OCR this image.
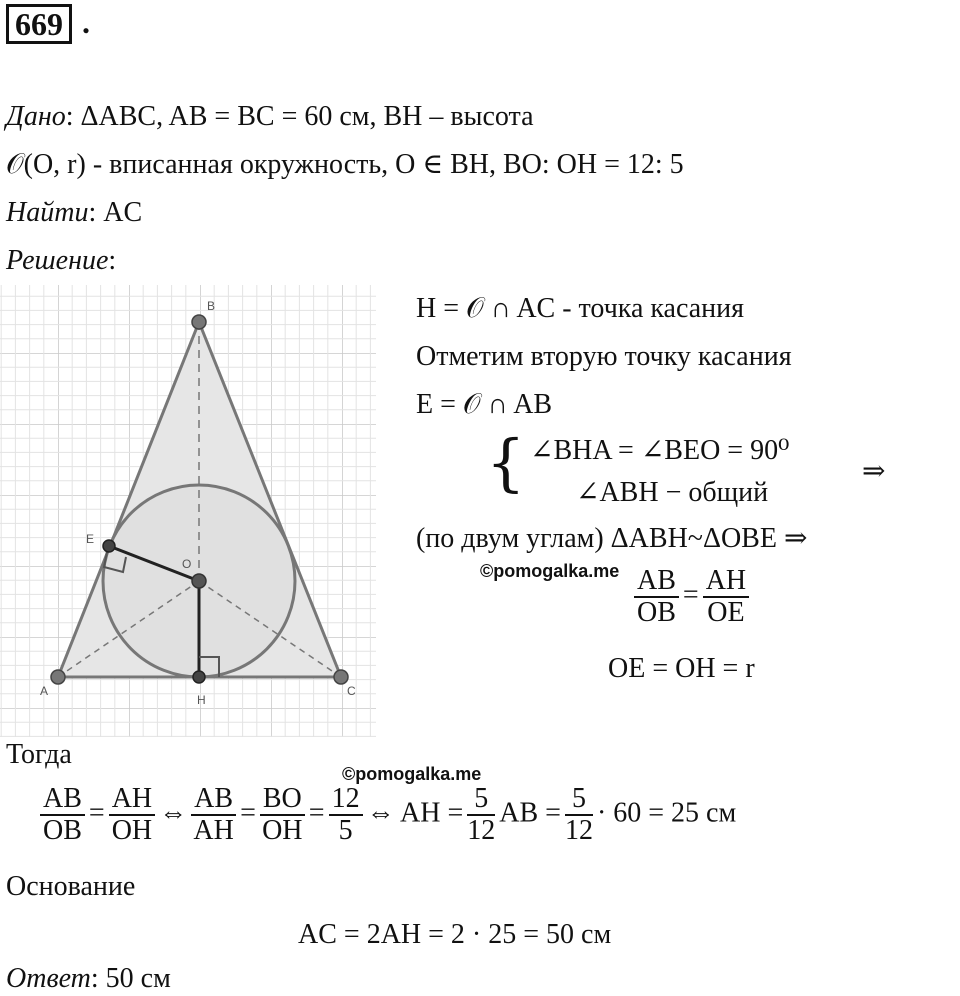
669 .
Дано: ΔABC, AB = BC = 60 см, BH – высота
𝒪(O, r) - вписанная окружность, O ∈ BH, BO: OH = 12: 5
Найти: AC
Решение:
B
A	C
E
O
H
H = 𝒪 ∩ AC - точка касания
Отметим вторую точку касания
E = 𝒪 ∩ AB
{ ∠BHA = ∠BEO = 90⁰
∠ABH − общий
⇒
(по двум углам) ΔABH~ΔOBE ⇒
©pomogalka.me $\frac{AB}{OB} = \frac{AH}{OE}$
OE = OH = r
Тогда
©pomogalka.me
$\frac{AB}{OB} = \frac{AH}{OH}$ ⇔ $\frac{AB}{AH} = \frac{BO}{OH} = \frac{12}{5}$ ⇔ AH = $\frac{5}{12}$ AB = $\frac{5}{12} \cdot 60 = 25$ см
Основание
AC = 2AH = 2 · 25 = 50 см
Ответ: 50 см
